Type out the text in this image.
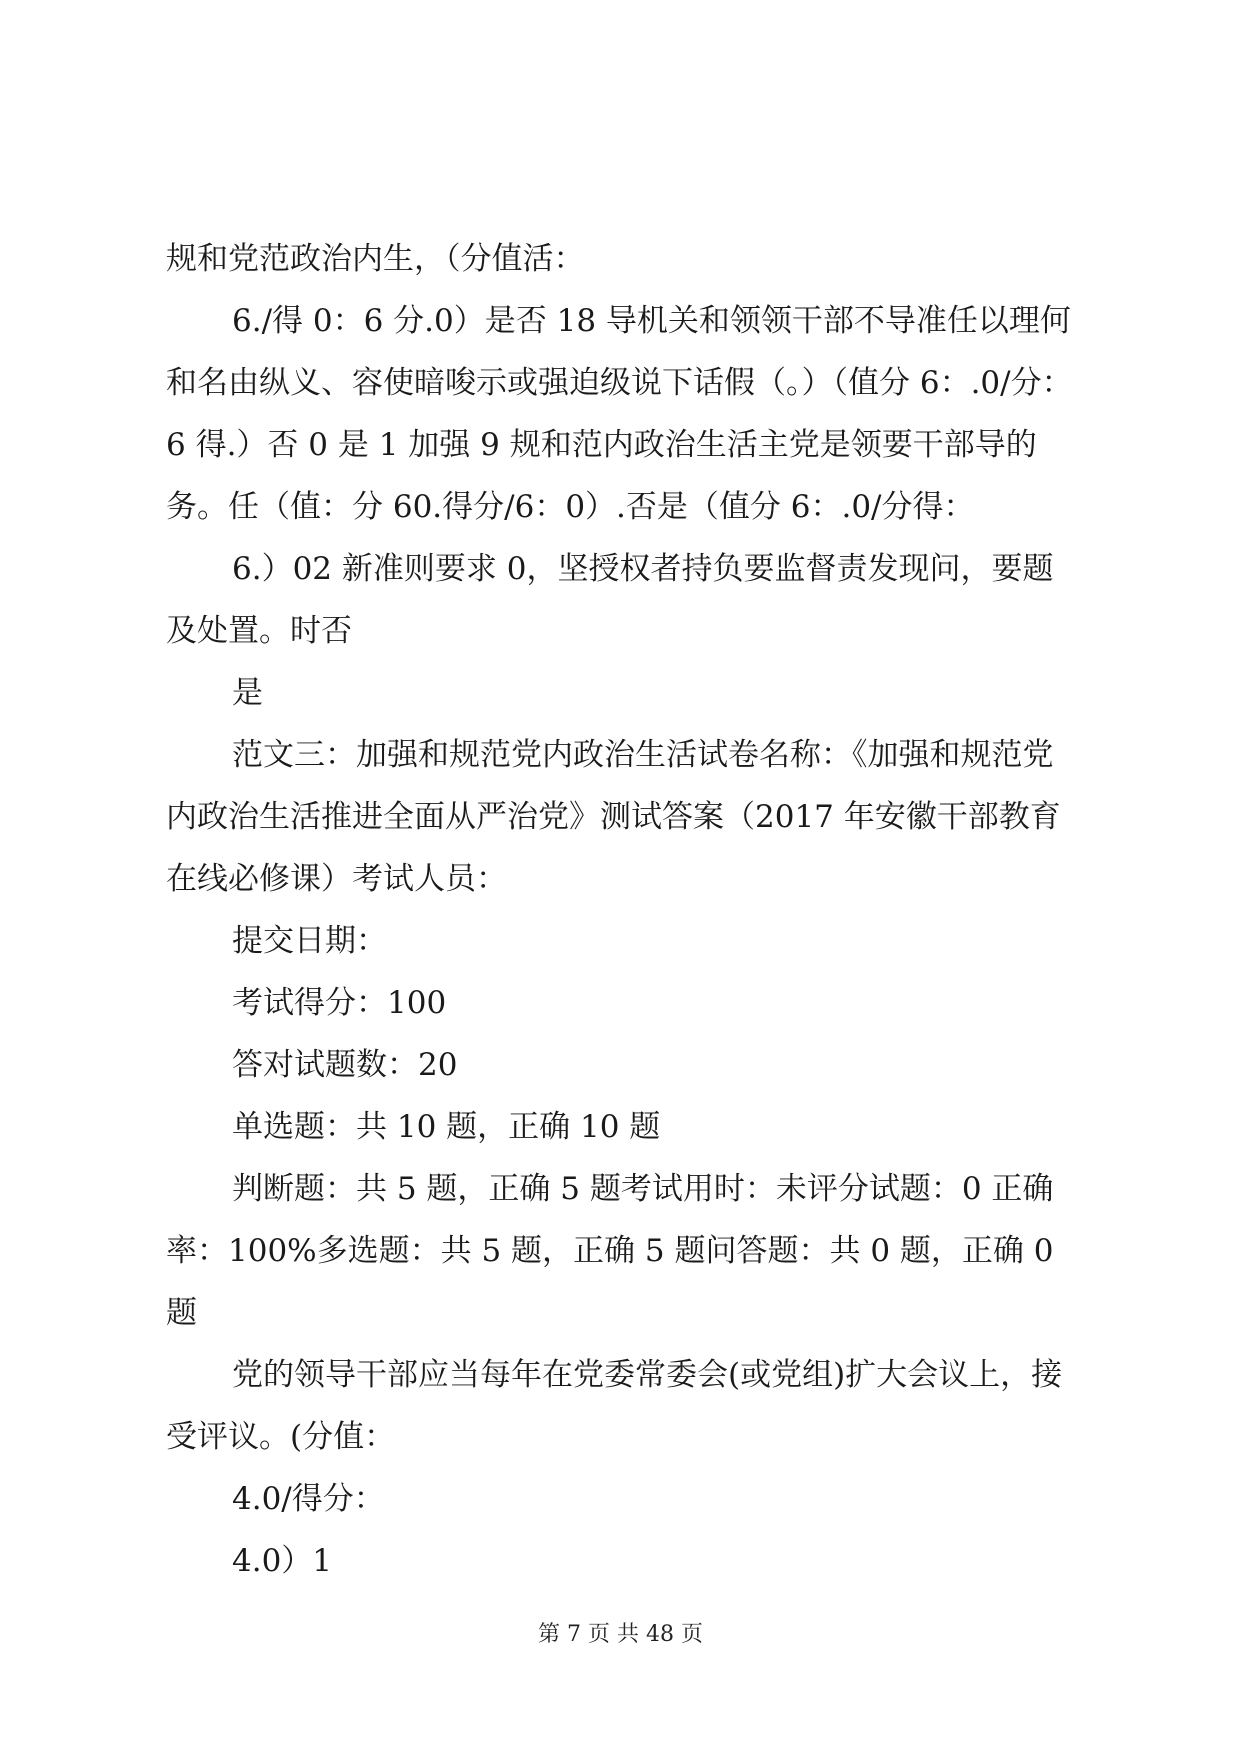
规和党范政治内生，（分值活：

6./得 0：6 分.0）是否 18 导机关和领领干部不导准任以理何和名由纵义、容使暗唆示或强迫级说下话假（。）（值分 6：.0/分：6 得.）否 0 是 1 加强 9 规和范内政治生活主党是领要干部导的务。任（值：分 60.得分/6：0）.否是（值分 6：.0/分得：

6.）02 新准则要求 0，坚授权者持负要监督责发现问，要题及处置。时否

是

范文三：加强和规范党内政治生活试卷名称：《加强和规范党内政治生活推进全面从严治党》测试答案（2017 年安徽干部教育在线必修课）考试人员：

提交日期：

考试得分：100

答对试题数：20

单选题：共 10 题，正确 10 题

判断题：共 5 题，正确 5 题考试用时：未评分试题：0 正确率：100%多选题：共 5 题，正确 5 题问答题：共 0 题，正确 0 题

党的领导干部应当每年在党委常委会(或党组)扩大会议上，接受评议。(分值：

4.0/得分：

4.0）1

第 7 页 共 48 页
